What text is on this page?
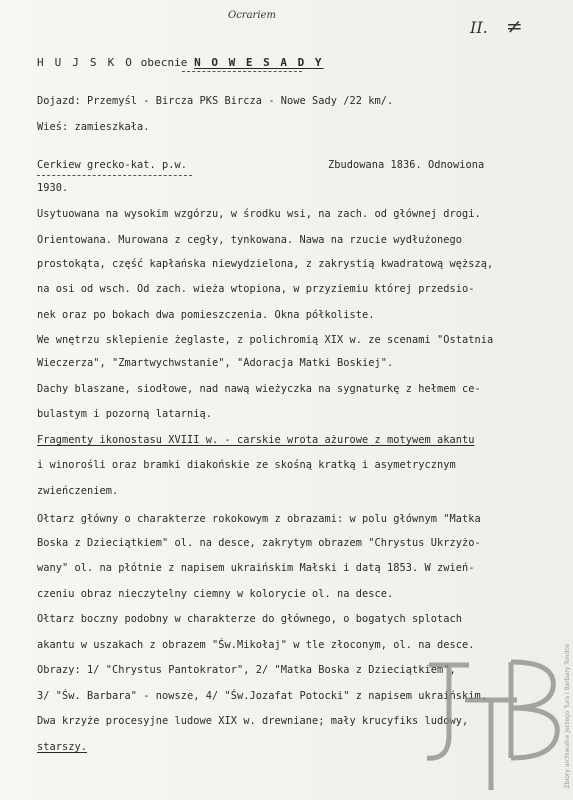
Ocrariem
II. ≠
H U J S K O obecnie N O W E S A D Y
Dojazd: Przemyśl - Bircza PKS Bircza - Nowe Sady /22 km/.
Wieś: zamieszkała.
Cerkiew grecko-kat. p.w.	Zbudowana 1836. Odnowiona
1930.
Usytuowana na wysokim wzgórzu, w środku wsi, na zach. od głównej drogi.
Orientowana. Murowana z cegły, tynkowana. Nawa na rzucie wydłużonego
prostokąta, część kapłańska niewydzielona, z zakrystią kwadratową węższą,
na osi od wsch. Od zach. wieża wtopiona, w przyziemiu której przedsio-
nek oraz po bokach dwa pomieszczenia. Okna półkoliste.
We wnętrzu sklepienie żeglaste, z polichromią XIX w. ze scenami "Ostatnia
Wieczerza", "Zmartwychwstanie", "Adoracja Matki Boskiej".
Dachy blaszane, siodłowe, nad nawą wieżyczka na sygnaturkę z hełmem ce-
bulastym i pozorną latarnią.
Fragmenty ikonostasu XVIII w. - carskie wrota ażurowe z motywem akantu
i winorośli oraz bramki diakońskie ze skośną kratką i asymetrycznym
zwieńczeniem.
Ołtarz główny o charakterze rokokowym z obrazami: w polu głównym "Matka
Boska z Dzieciątkiem" ol. na desce, zakrytym obrazem "Chrystus Ukrzyżo-
wany" ol. na płótnie z napisem ukraińskim Małski i datą 1853. W zwień-
czeniu obraz nieczytelny ciemny w kolorycie ol. na desce.
Ołtarz boczny podobny w charakterze do głównego, o bogatych splotach
akantu w uszakach z obrazem "Św.Mikołaj" w tle złoconym, ol. na desce.
Obrazy: 1/ "Chrystus Pantokrator", 2/ "Matka Boska z Dzieciątkiem",
3/ "Św. Barbara" - nowsze, 4/ "Św.Jozafat Potocki" z napisem ukraińskim.
Dwa krzyże procesyjne ludowe XIX w. drewniane; mały krucyfiks ludowy,
starszy.	Zbiory archiwalne Jerzego Tura i Barbary Tondos
